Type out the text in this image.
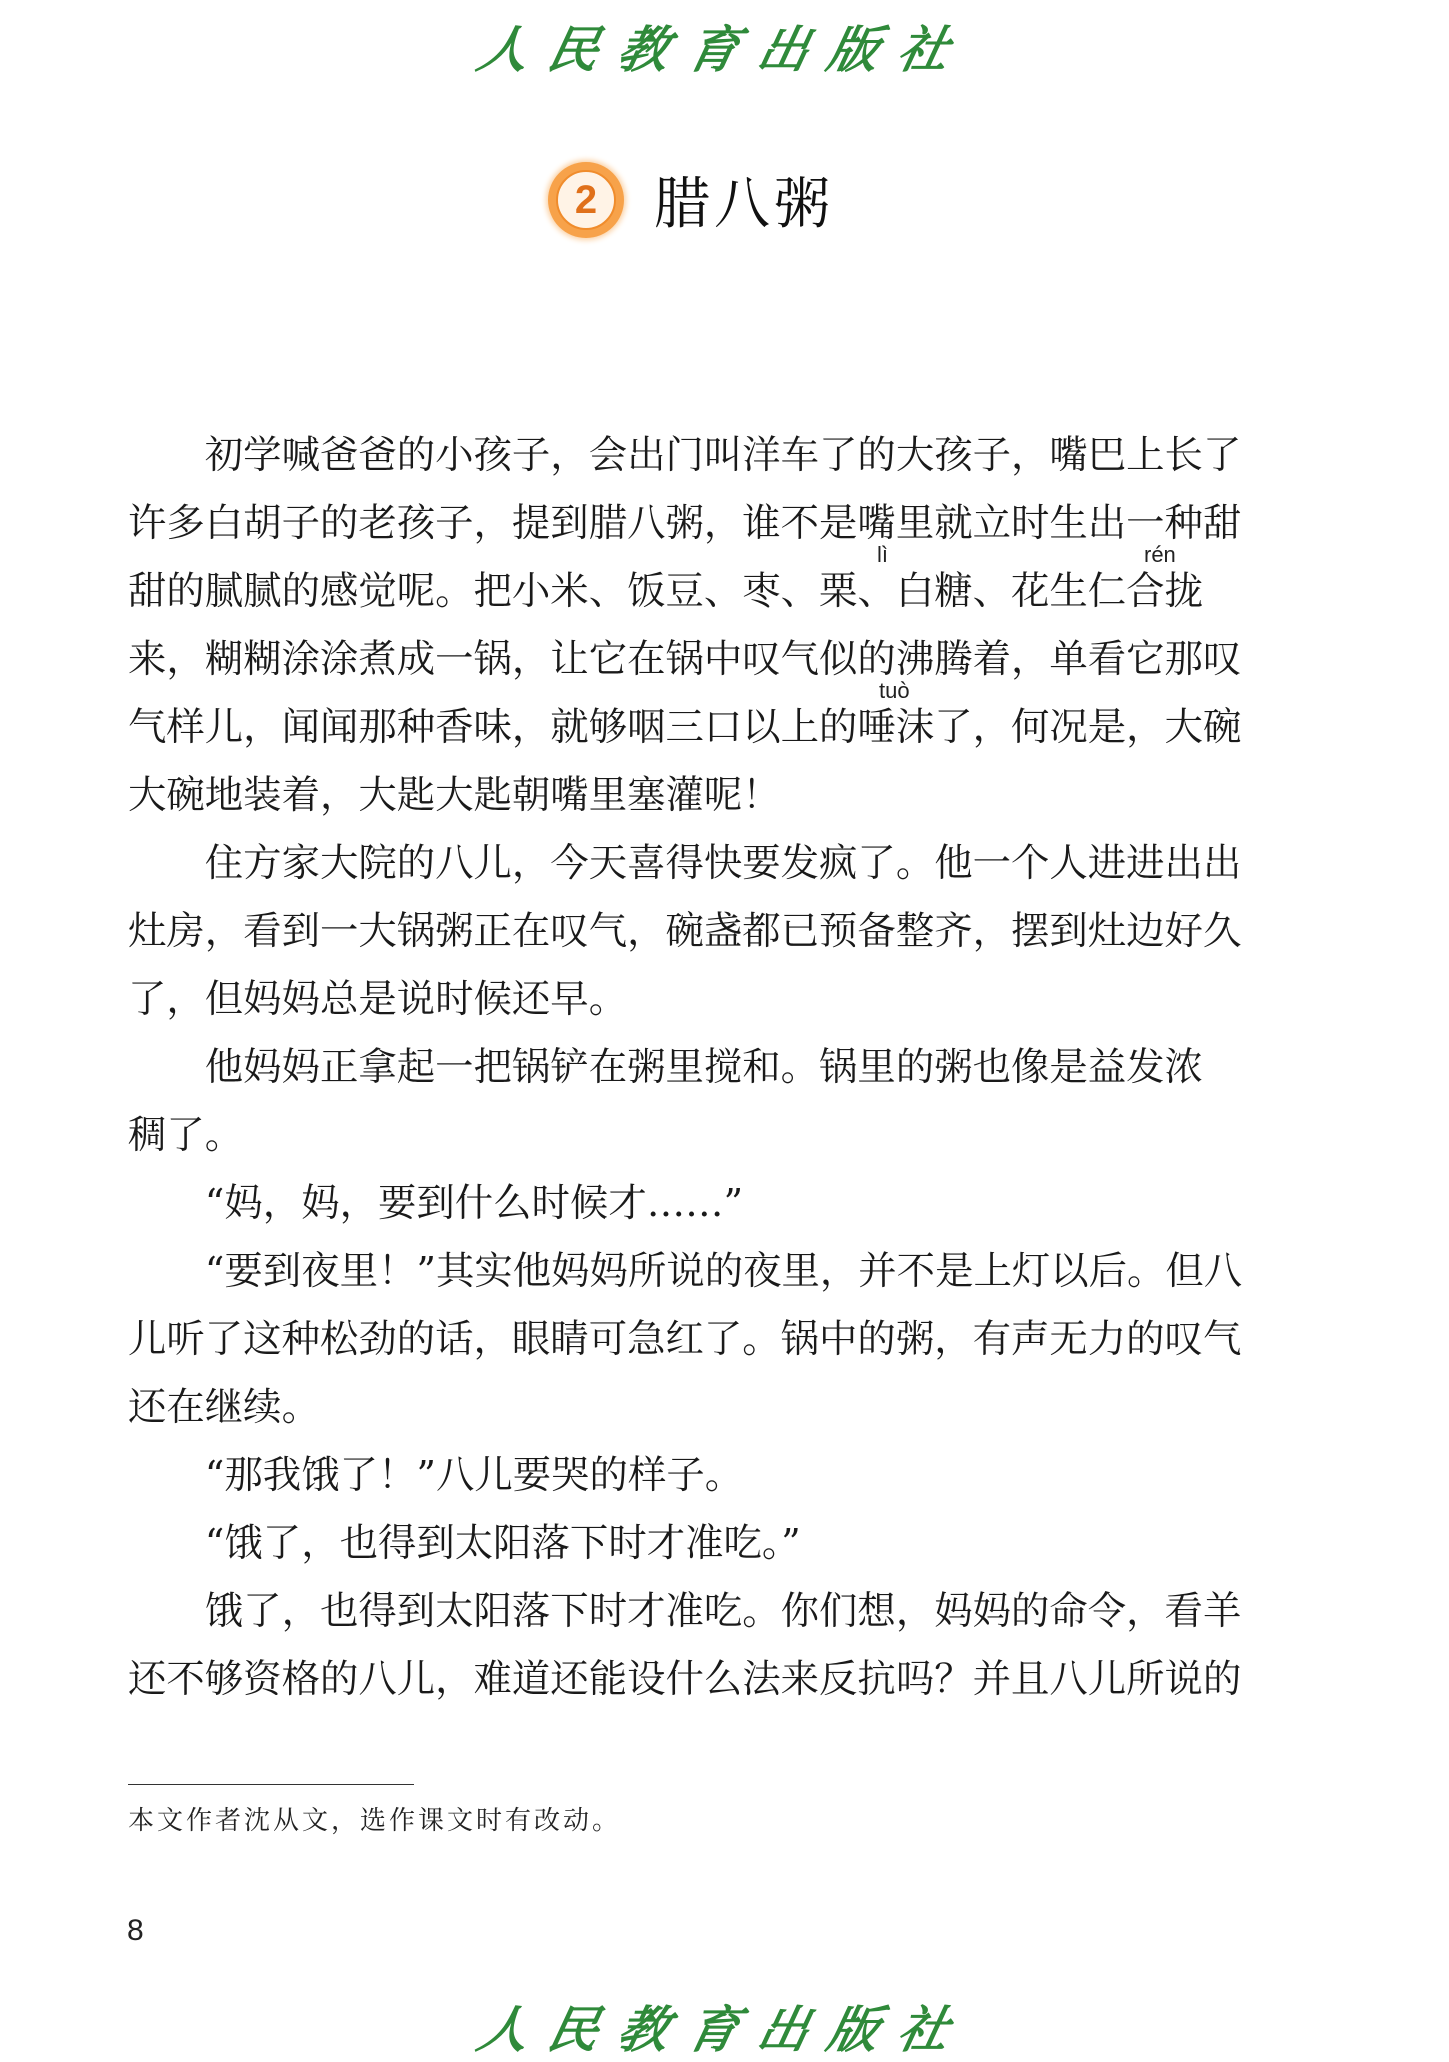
人民教育出版社
2	腊八粥
　　初学喊爸爸的小孩子，会出门叫洋车了的大孩子，嘴巴上长了
许多白胡子的老孩子，提到腊八粥，谁不是嘴里就立时生出一种甜
lì	rén
甜的腻腻的感觉呢。把小米、饭豆、枣、栗、白糖、花生仁合拢
来，糊糊涂涂煮成一锅，让它在锅中叹气似的沸腾着，单看它那叹
tuò
气样儿，闻闻那种香味，就够咽三口以上的唾沫了，何况是，大碗
大碗地装着，大匙大匙朝嘴里塞灌呢！
　　住方家大院的八儿，今天喜得快要发疯了。他一个人进进出出
灶房，看到一大锅粥正在叹气，碗盏都已预备整齐，摆到灶边好久
了，但妈妈总是说时候还早。
　　他妈妈正拿起一把锅铲在粥里搅和。锅里的粥也像是益发浓
稠了。
　　“妈，妈，要到什么时候才……”
　　“要到夜里！”其实他妈妈所说的夜里，并不是上灯以后。但八
儿听了这种松劲的话，眼睛可急红了。锅中的粥，有声无力的叹气
还在继续。
　　“那我饿了！”八儿要哭的样子。
　　“饿了，也得到太阳落下时才准吃。”
　　饿了，也得到太阳落下时才准吃。你们想，妈妈的命令，看羊
还不够资格的八儿，难道还能设什么法来反抗吗？并且八儿所说的
本文作者沈从文，选作课文时有改动。
8
人民教育出版社
